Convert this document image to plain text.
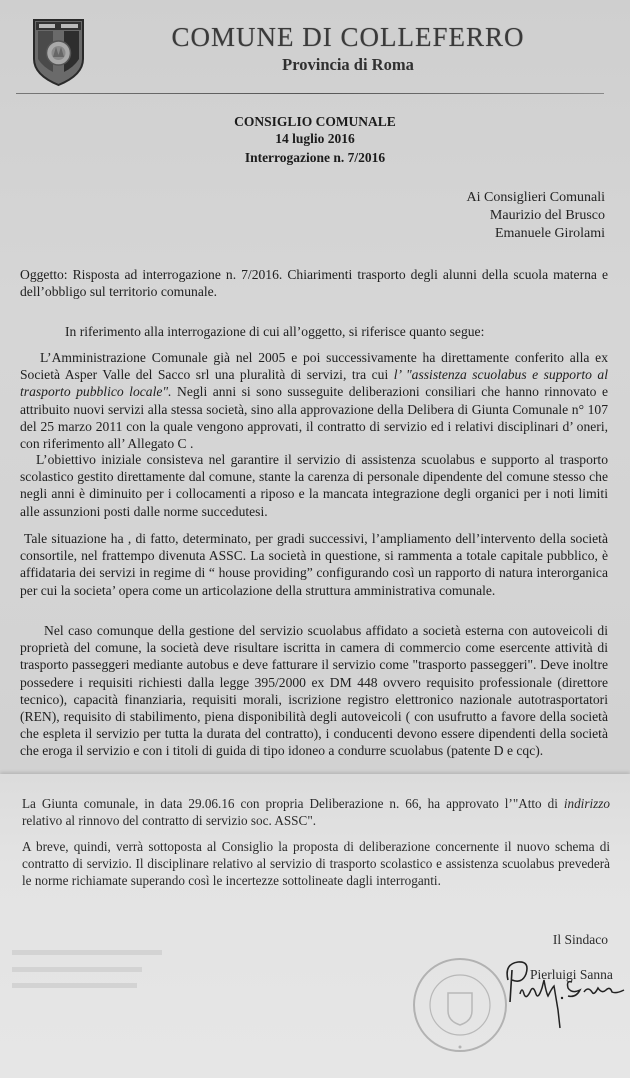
COMUNE DI COLLEFERRO
Provincia di Roma
CONSIGLIO COMUNALE
14 luglio 2016
Interrogazione n. 7/2016
Ai Consiglieri Comunali
Maurizio del Brusco
Emanuele Girolami
Oggetto: Risposta ad interrogazione n. 7/2016. Chiarimenti trasporto degli alunni della scuola materna e dell’obbligo sul territorio comunale.
In riferimento alla interrogazione di cui all’oggetto, si riferisce quanto segue:
L’Amministrazione Comunale già nel 2005 e poi successivamente ha direttamente conferito alla ex Società Asper Valle del Sacco srl una pluralità di servizi, tra cui l’ "assistenza scuolabus e supporto al trasporto pubblico locale". Negli anni si sono susseguite deliberazioni consiliari che hanno rinnovato e attribuito nuovi servizi alla stessa società, sino alla approvazione della Delibera di Giunta Comunale n° 107 del 25 marzo 2011 con la quale vengono approvati, il contratto di servizio ed i relativi disciplinari d’ oneri, con riferimento all’ Allegato C .
L’obiettivo iniziale consisteva nel garantire il servizio di assistenza scuolabus e supporto al trasporto scolastico gestito direttamente dal comune, stante la carenza di personale dipendente del comune stesso che negli anni è diminuito per i collocamenti a riposo e la mancata integrazione degli organici per i noti limiti alle assunzioni posti dalle norme succedutesi.
Tale situazione ha , di fatto, determinato, per gradi successivi, l’ampliamento dell’intervento della società consortile, nel frattempo divenuta ASSC. La società in questione, si rammenta a totale capitale pubblico, è affidataria dei servizi in regime di “ house providing” configurando così un rapporto di natura interorganica per cui la societa’ opera come un articolazione della struttura amministrativa comunale.
Nel caso comunque della gestione del servizio scuolabus affidato a società esterna con autoveicoli di proprietà del comune, la società deve risultare iscritta in camera di commercio come esercente attività di trasporto passeggeri mediante autobus e deve fatturare il servizio come "trasporto passeggeri". Deve inoltre possedere i requisiti richiesti dalla legge 395/2000 ex DM 448 ovvero requisito professionale (direttore tecnico), capacità finanziaria, requisiti morali, iscrizione registro elettronico nazionale autotrasportatori (REN), requisito di stabilimento, piena disponibilità degli autoveicoli ( con usufrutto a favore della società che espleta il servizio per tutta la durata del contratto), i conducenti devono essere dipendenti della società che eroga il servizio e con i titoli di guida di tipo idoneo a condurre scuolabus (patente D e cqc).
La Giunta comunale, in data 29.06.16 con propria Deliberazione n. 66, ha approvato l’"Atto di indirizzo relativo al rinnovo del contratto di servizio soc. ASSC".
A breve, quindi, verrà sottoposta al Consiglio la proposta di deliberazione concernente il nuovo schema di contratto di servizio. Il disciplinare relativo al servizio di trasporto scolastico e assistenza scuolabus prevederà le norme richiamate superando così le incertezze sottolineate dagli interroganti.
Il Sindaco
Pierluigi Sanna
